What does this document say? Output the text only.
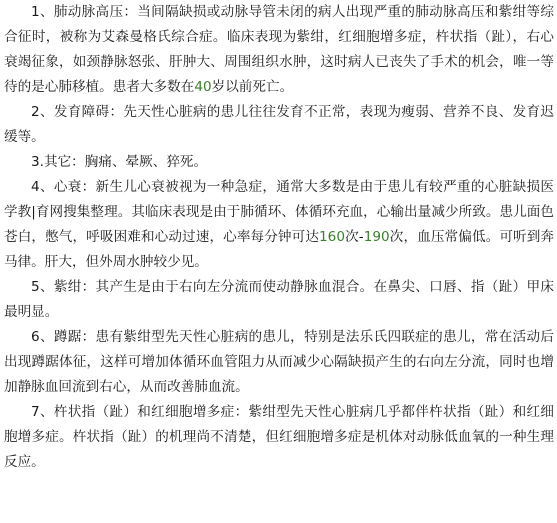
1、肺动脉高压：当间隔缺损或动脉导管未闭的病人出现严重的肺动脉高压和紫绀等综合征时，被称为艾森曼格氏综合症。临床表现为紫绀，红细胞增多症，杵状指（趾），右心衰竭征象，如颈静脉怒张、肝肿大、周围组织水肿，这时病人已丧失了手术的机会，唯一等待的是心肺移植。患者大多数在40岁以前死亡。

2、发育障碍：先天性心脏病的患儿往往发育不正常，表现为瘦弱、营养不良、发育迟缓等。

3.其它：胸痛、晕厥、猝死。

4、心衰：新生儿心衰被视为一种急症，通常大多数是由于患儿有较严重的心脏缺损医学教|育网搜集整理。其临床表现是由于肺循环、体循环充血，心输出量减少所致。患儿面色苍白，憋气，呼吸困难和心动过速，心率每分钟可达160次-190次，血压常偏低。可听到奔马律。肝大，但外周水肿较少见。

5、紫绀：其产生是由于右向左分流而使动静脉血混合。在鼻尖、口唇、指（趾）甲床最明显。

6、蹲踞：患有紫绀型先天性心脏病的患儿，特别是法乐氏四联症的患儿，常在活动后出现蹲踞体征，这样可增加体循环血管阻力从而减少心隔缺损产生的右向左分流，同时也增加静脉血回流到右心，从而改善肺血流。

7、杵状指（趾）和红细胞增多症：紫绀型先天性心脏病几乎都伴杵状指（趾）和红细胞增多症。杵状指（趾）的机理尚不清楚，但红细胞增多症是机体对动脉低血氧的一种生理反应。
